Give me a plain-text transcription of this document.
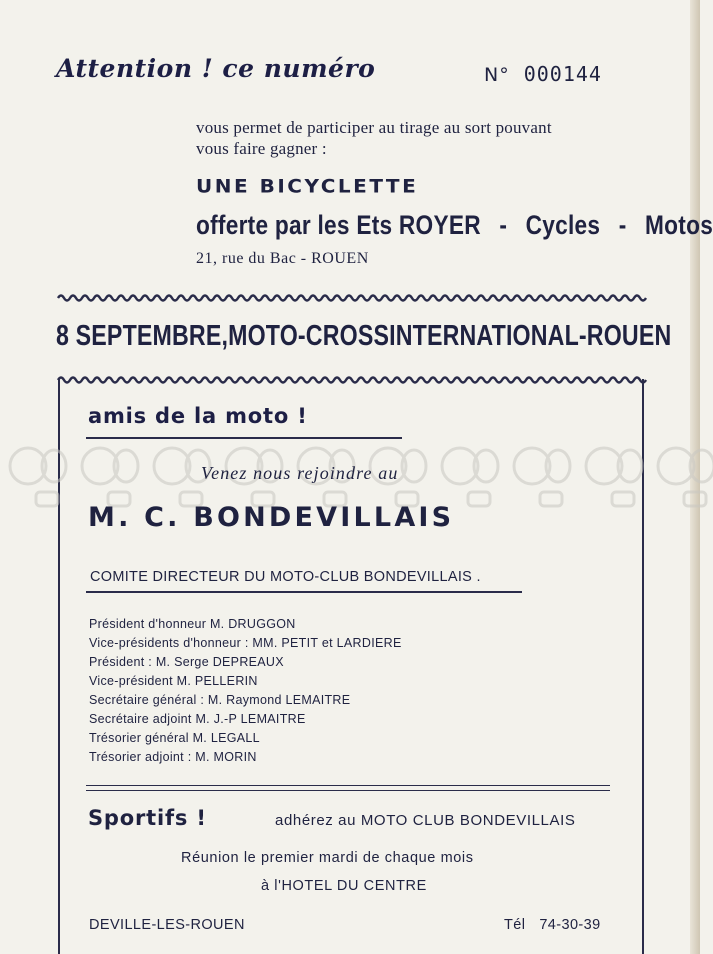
Attention ! ce numéro	N° 000144

vous permet de participer au tirage au sort pouvant
vous faire gagner :

UNE BICYCLETTE

offerte par les Ets ROYER - Cycles - Motos

21, rue du Bac - ROUEN

8 SEPTEMBRE, MOTO-CROSS INTERNATIONAL - ROUEN

amis de la moto !

Venez nous rejoindre au

M. C. BONDEVILLAIS

COMITE DIRECTEUR DU MOTO-CLUB BONDEVILLAIS .

Président d'honneur M. DRUGGON
Vice-présidents d'honneur : MM. PETIT et LARDIERE
Président : M. Serge DEPREAUX
Vice-président M. PELLERIN
Secrétaire général : M. Raymond LEMAITRE
Secrétaire adjoint M. J.-P LEMAITRE
Trésorier général M. LEGALL
Trésorier adjoint : M. MORIN

Sportifs !	adhérez au MOTO CLUB BONDEVILLAIS

Réunion le premier mardi de chaque mois

à l'HOTEL DU CENTRE

DEVILLE-LES-ROUEN	Tél 74-30-39
